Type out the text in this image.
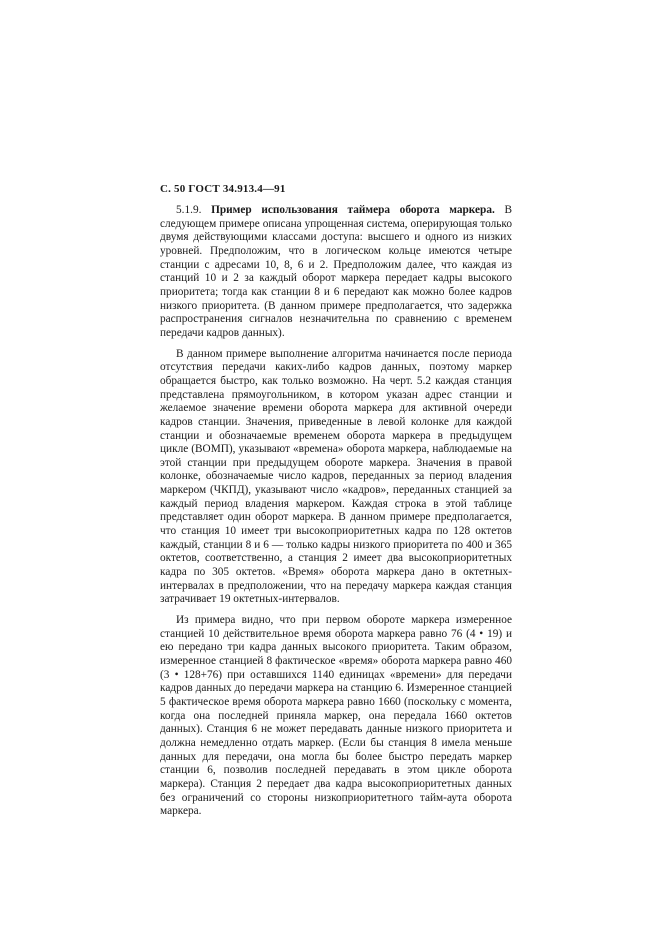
С. 50 ГОСТ 34.913.4—91

5.1.9. Пример использования таймера оборота маркера. В следующем примере описана упрощенная система, оперирующая только двумя действующими классами доступа: высшего и одного из низких уровней. Предположим, что в логическом кольце имеются четыре станции с адресами 10, 8, 6 и 2. Предположим далее, что каждая из станций 10 и 2 за каждый оборот маркера передает кадры высокого приоритета; тогда как станции 8 и 6 передают как можно более кадров низкого приоритета. (В данном примере предполагается, что задержка распространения сигналов незначительна по сравнению с временем передачи кадров данных).

В данном примере выполнение алгоритма начинается после периода отсутствия передачи каких-либо кадров данных, поэтому маркер обращается быстро, как только возможно. На черт. 5.2 каждая станция представлена прямоугольником, в котором указан адрес станции и желаемое значение времени оборота маркера для активной очереди кадров станции. Значения, приведенные в левой колонке для каждой станции и обозначаемые временем оборота маркера в предыдущем цикле (ВОМП), указывают «времена» оборота маркера, наблюдаемые на этой станции при предыдущем обороте маркера. Значения в правой колонке, обозначаемые число кадров, переданных за период владения маркером (ЧКПД), указывают число «кадров», переданных станцией за каждый период владения маркером. Каждая строка в этой таблице представляет один оборот маркера. В данном примере предполагается, что станция 10 имеет три высокоприоритетных кадра по 128 октетов каждый, станции 8 и 6 — только кадры низкого приоритета по 400 и 365 октетов, соответственно, а станция 2 имеет два высокоприоритетных кадра по 305 октетов. «Время» оборота маркера дано в октетных-интервалах в предположении, что на передачу маркера каждая станция затрачивает 19 октетных-интервалов.

Из примера видно, что при первом обороте маркера измеренное станцией 10 действительное время оборота маркера равно 76 (4 • 19) и ею передано три кадра данных высокого приоритета. Таким образом, измеренное станцией 8 фактическое «время» оборота маркера равно 460 (3 • 128+76) при оставшихся 1140 единицах «времени» для передачи кадров данных до передачи маркера на станцию 6. Измеренное станцией 5 фактическое время оборота маркера равно 1660 (поскольку с момента, когда она последней приняла маркер, она передала 1660 октетов данных). Станция 6 не может передавать данные низкого приоритета и должна немедленно отдать маркер. (Если бы станция 8 имела меньше данных для передачи, она могла бы более быстро передать маркер станции 6, позволив последней передавать в этом цикле оборота маркера). Станция 2 передает два кадра высокоприоритетных данных без ограничений со стороны низкоприоритетного тайм-аута оборота маркера.
